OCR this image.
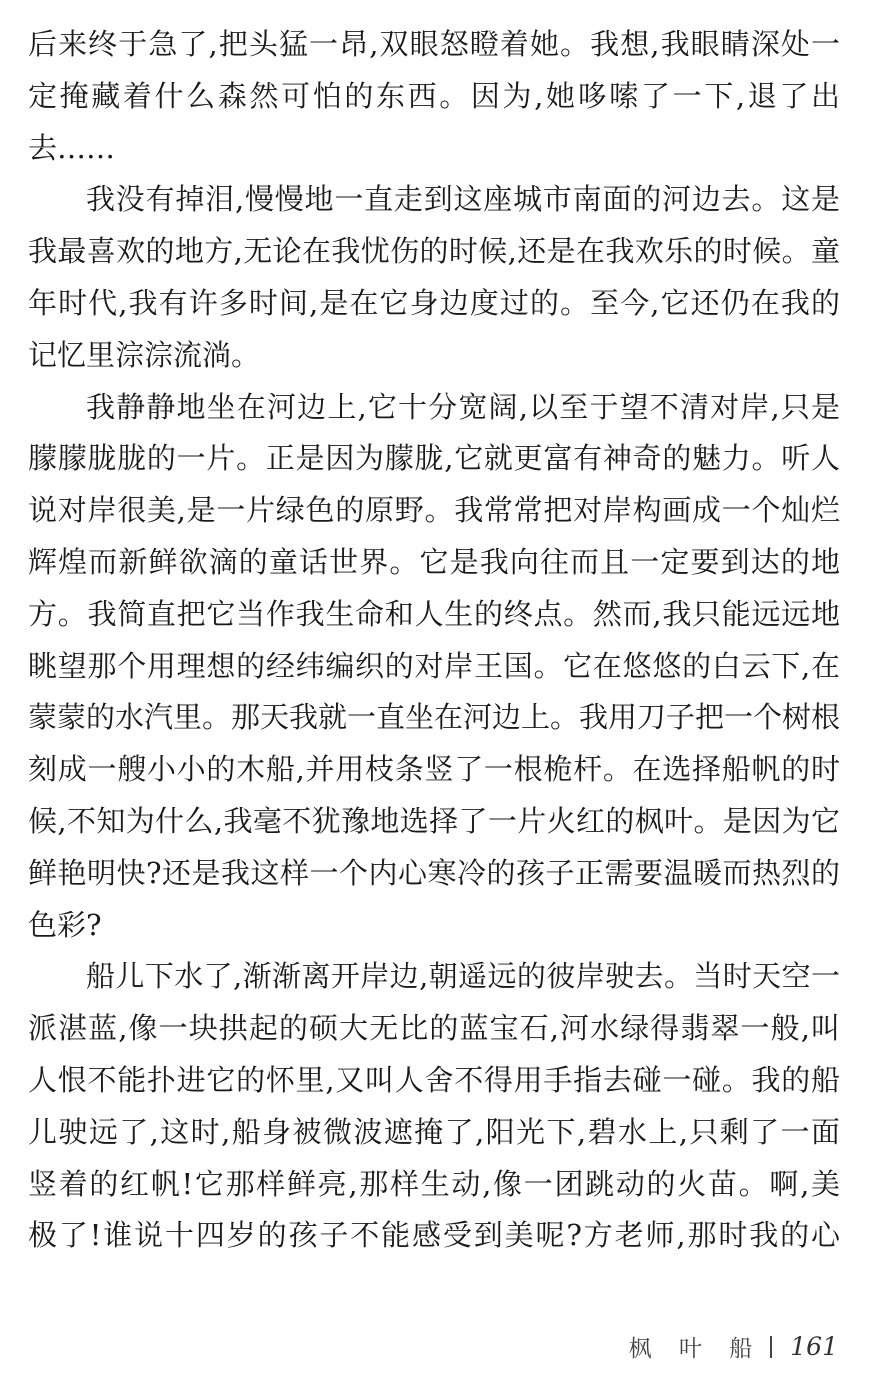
后来终于急了,把头猛一昂,双眼怒瞪着她。我想,我眼睛深处一
定掩藏着什么森然可怕的东西。因为,她哆嗦了一下,退了出
去……
我没有掉泪,慢慢地一直走到这座城市南面的河边去。这是
我最喜欢的地方,无论在我忧伤的时候,还是在我欢乐的时候。童
年时代,我有许多时间,是在它身边度过的。至今,它还仍在我的
记忆里淙淙流淌。
我静静地坐在河边上,它十分宽阔,以至于望不清对岸,只是
朦朦胧胧的一片。正是因为朦胧,它就更富有神奇的魅力。听人
说对岸很美,是一片绿色的原野。我常常把对岸构画成一个灿烂
辉煌而新鲜欲滴的童话世界。它是我向往而且一定要到达的地
方。我简直把它当作我生命和人生的终点。然而,我只能远远地
眺望那个用理想的经纬编织的对岸王国。它在悠悠的白云下,在
蒙蒙的水汽里。那天我就一直坐在河边上。我用刀子把一个树根
刻成一艘小小的木船,并用枝条竖了一根桅杆。在选择船帆的时
候,不知为什么,我毫不犹豫地选择了一片火红的枫叶。是因为它
鲜艳明快?还是我这样一个内心寒冷的孩子正需要温暖而热烈的
色彩?
船儿下水了,渐渐离开岸边,朝遥远的彼岸驶去。当时天空一
派湛蓝,像一块拱起的硕大无比的蓝宝石,河水绿得翡翠一般,叫
人恨不能扑进它的怀里,又叫人舍不得用手指去碰一碰。我的船
儿驶远了,这时,船身被微波遮掩了,阳光下,碧水上,只剩了一面
竖着的红帆!它那样鲜亮,那样生动,像一团跳动的火苗。啊,美
极了!谁说十四岁的孩子不能感受到美呢?方老师,那时我的心
枫 叶 船 161
